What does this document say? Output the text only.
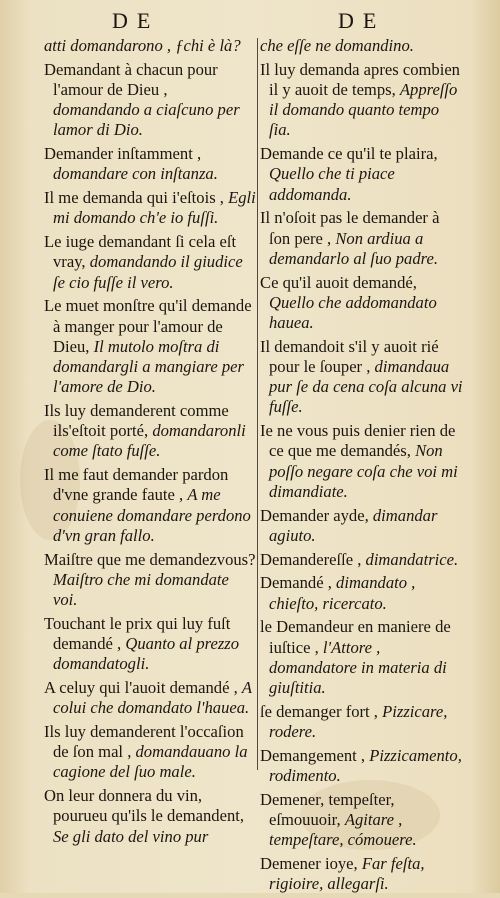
DE	DE

atti domandarono , ƒchi è là?

Demandant à chacun pour l'amour de Dieu , domandando a ciaſcuno per lamor di Dio.

Demander inſtamment , domandare con inſtanza.

Il me demanda qui i'eſtois , Egli mi domando ch'e io fuſſi.

Le iuge demandant ſi cela eſt vray, domandando il giudice ſe cio fuſſe il vero.

Le muet monſtre qu'il demande à manger pour l'amour de Dieu, Il mutolo moſtra di domandargli a mangiare per l'amore de Dio.

Ils luy demanderent comme ils'eſtoit porté, domandaronli come ſtato fuſſe.

Il me faut demander pardon d'vne grande faute , A me conuiene domandare perdono d'vn gran fallo.

Maiſtre que me demandezvous? Maiſtro che mi domandate voi.

Touchant le prix qui luy fuſt demandé , Quanto al prezzo domandatogli.

A celuy qui l'auoit demandé , A colui che domandato l'hauea.

Ils luy demanderent l'occaſion de ſon mal , domandauano la cagione del ſuo male.

On leur donnera du vin, pourueu qu'ils le demandent, Se gli dato del vino pur

che eſſe ne domandino.

Il luy demanda apres combien il y auoit de temps, Appreſſo il domando quanto tempo ſia.

Demande ce qu'il te plaira, Quello che ti piace addomanda.

Il n'oſoit pas le demander à ſon pere , Non ardiua a demandarlo al ſuo padre.

Ce qu'il auoit demandé, Quello che addomandato hauea.

Il demandoit s'il y auoit rié pour le ſouper , dimandaua pur ſe da cena coſa alcuna vi fuſſe.

Ie ne vous puis denier rien de ce que me demandés, Non poſſo negare coſa che voi mi dimandiate.

Demander ayde, dimandar agiuto.

Demandereſſe , dimandatrice.

Demandé , dimandato , chieſto, ricercato.

le Demandeur en maniere de iuſtice , l'Attore , domandatore in materia di giuſtitia.

ſe demanger fort , Pizzicare, rodere.

Demangement , Pizzicamento, rodimento.

Demener, tempeſter, eſmouuoir, Agitare , tempeſtare, cómouere.

Demener ioye, Far feſta, rigioire, allegarſi.
